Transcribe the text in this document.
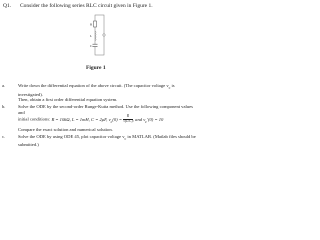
Q1. Consider the following series RLC circuit given in Figure 1.
R
L
C
Figure 1
a.	Write down the differential equation of the above circuit. (The capacitor voltage $v_c$ is investigated).
Then, obtain a first order differential equation system.
b.	Solve the ODE by the second-order Runge-Kutta method. Use the following component values and
initial conditions: R = 10kΩ, L = 1mH, C = 2μF, $v_c(0) = \frac{R}{√(L/C)}$ , and $v_c'(0) = 10$
Compare the exact solution and numerical solution.
c.	Solve the ODE by using ODE 45, plot capacitor voltage $v_c$ in MATLAB. (Matlab files should be
submitted.)
